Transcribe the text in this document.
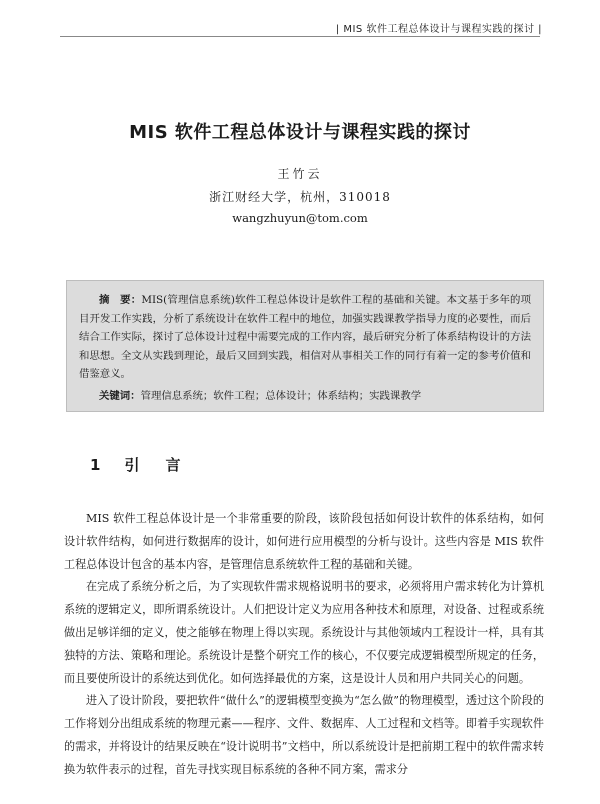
| MIS 软件工程总体设计与课程实践的探讨 |
MIS 软件工程总体设计与课程实践的探讨
王竹云
浙江财经大学，杭州，310018
wangzhuyun@tom.com

摘　要：MIS(管理信息系统)软件工程总体设计是软件工程的基础和关键。本文基于多年的项目开发工作实践，分析了系统设计在软件工程中的地位，加强实践课教学指导力度的必要性，而后结合工作实际，探讨了总体设计过程中需要完成的工作内容，最后研究分析了体系结构设计的方法和思想。全文从实践到理论，最后又回到实践，相信对从事相关工作的同行有着一定的参考价值和借鉴意义。

关键词：管理信息系统；软件工程；总体设计；体系结构；实践课教学

1 引言

MIS 软件工程总体设计是一个非常重要的阶段，该阶段包括如何设计软件的体系结构，如何设计软件结构，如何进行数据库的设计，如何进行应用模型的分析与设计。这些内容是 MIS 软件工程总体设计包含的基本内容，是管理信息系统软件工程的基础和关键。

在完成了系统分析之后，为了实现软件需求规格说明书的要求，必须将用户需求转化为计算机系统的逻辑定义，即所谓系统设计。人们把设计定义为应用各种技术和原理，对设备、过程或系统做出足够详细的定义，使之能够在物理上得以实现。系统设计与其他领域内工程设计一样，具有其独特的方法、策略和理论。系统设计是整个研究工作的核心，不仅要完成逻辑模型所规定的任务，而且要使所设计的系统达到优化。如何选择最优的方案，这是设计人员和用户共同关心的问题。

进入了设计阶段，要把软件“做什么”的逻辑模型变换为“怎么做”的物理模型，透过这个阶段的工作将划分出组成系统的物理元素——程序、文件、数据库、人工过程和文档等。即着手实现软件的需求，并将设计的结果反映在“设计说明书”文档中，所以系统设计是把前期工程中的软件需求转换为软件表示的过程，首先寻找实现目标系统的各种不同方案，需求分
